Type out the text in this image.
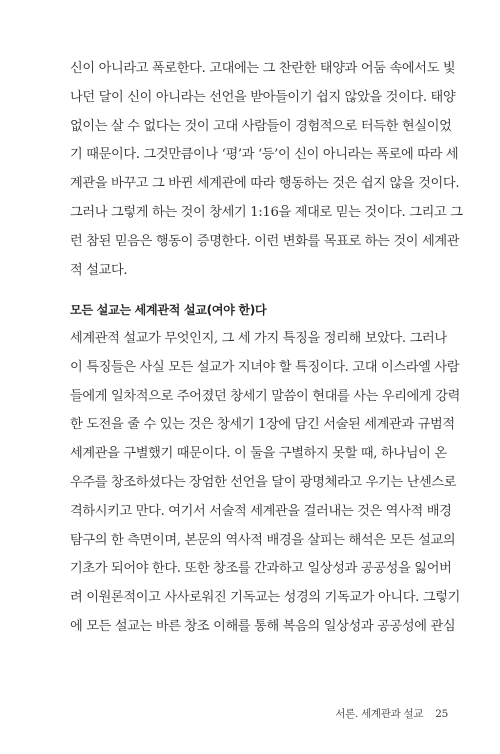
신이 아니라고 폭로한다. 고대에는 그 찬란한 태양과 어둠 속에서도 빛
나던 달이 신이 아니라는 선언을 받아들이기 쉽지 않았을 것이다. 태양
없이는 살 수 없다는 것이 고대 사람들이 경험적으로 터득한 현실이었
기 때문이다. 그것만큼이나 ‘평’과 ‘등’이 신이 아니라는 폭로에 따라 세
계관을 바꾸고 그 바뀐 세계관에 따라 행동하는 것은 쉽지 않을 것이다.
그러나 그렇게 하는 것이 창세기 1:16을 제대로 믿는 것이다. 그리고 그
런 참된 믿음은 행동이 증명한다. 이런 변화를 목표로 하는 것이 세계관
적 설교다.
모든 설교는 세계관적 설교(여야 한)다
세계관적 설교가 무엇인지, 그 세 가지 특징을 정리해 보았다. 그러나
이 특징들은 사실 모든 설교가 지녀야 할 특징이다. 고대 이스라엘 사람
들에게 일차적으로 주어졌던 창세기 말씀이 현대를 사는 우리에게 강력
한 도전을 줄 수 있는 것은 창세기 1장에 담긴 서술된 세계관과 규범적
세계관을 구별했기 때문이다. 이 둘을 구별하지 못할 때, 하나님이 온
우주를 창조하셨다는 장엄한 선언을 달이 광명체라고 우기는 난센스로
격하시키고 만다. 여기서 서술적 세계관을 걸러내는 것은 역사적 배경
탐구의 한 측면이며, 본문의 역사적 배경을 살피는 해석은 모든 설교의
기초가 되어야 한다. 또한 창조를 간과하고 일상성과 공공성을 잃어버
려 이원론적이고 사사로워진 기독교는 성경의 기독교가 아니다. 그렇기
에 모든 설교는 바른 창조 이해를 통해 복음의 일상성과 공공성에 관심
서론. 세계관과 설교 25
